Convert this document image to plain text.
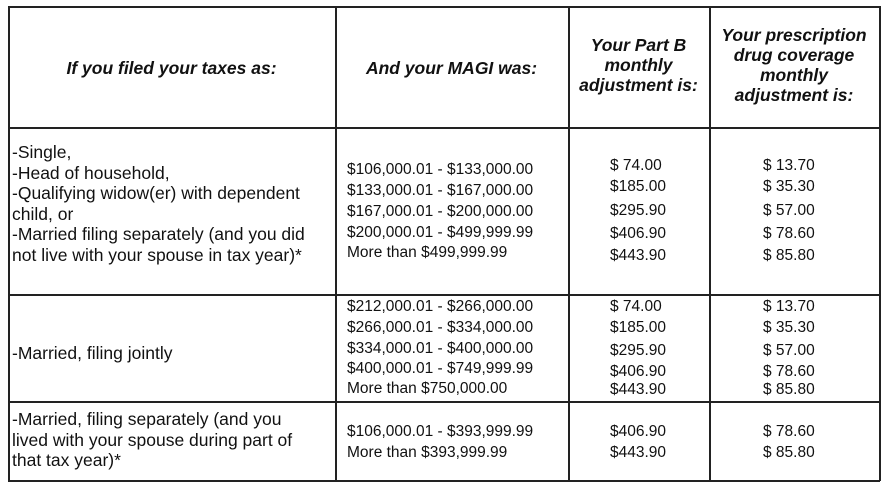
If you filed your taxes as:	And your MAGI was:
Your Part B
monthly
adjustment is:
Your prescription
drug coverage
monthly
adjustment is:
-Single,
-Head of household,
-Qualifying widow(er) with dependent
child, or
-Married filing separately (and you did
not live with your spouse in tax year)*
$106,000.01 - $133,000.00
$133,000.01 - $167,000.00
$167,000.01 - $200,000.00
$200,000.01 - $499,999.99
More than $499,999.99
$ 74.00
$185.00
$295.90
$406.90
$443.90
$ 13.70
$ 35.30
$ 57.00
$ 78.60
$ 85.80
-Married, filing jointly
$212,000.01 - $266,000.00
$266,000.01 - $334,000.00
$334,000.01 - $400,000.00
$400,000.01 - $749,999.99
More than $750,000.00
$ 74.00
$185.00
$295.90
$406.90
$443.90
$ 13.70
$ 35.30
$ 57.00
$ 78.60
$ 85.80
-Married, filing separately (and you
lived with your spouse during part of
that tax year)*
$106,000.01 - $393,999.99
More than $393,999.99
$406.90
$443.90
$ 78.60
$ 85.80
